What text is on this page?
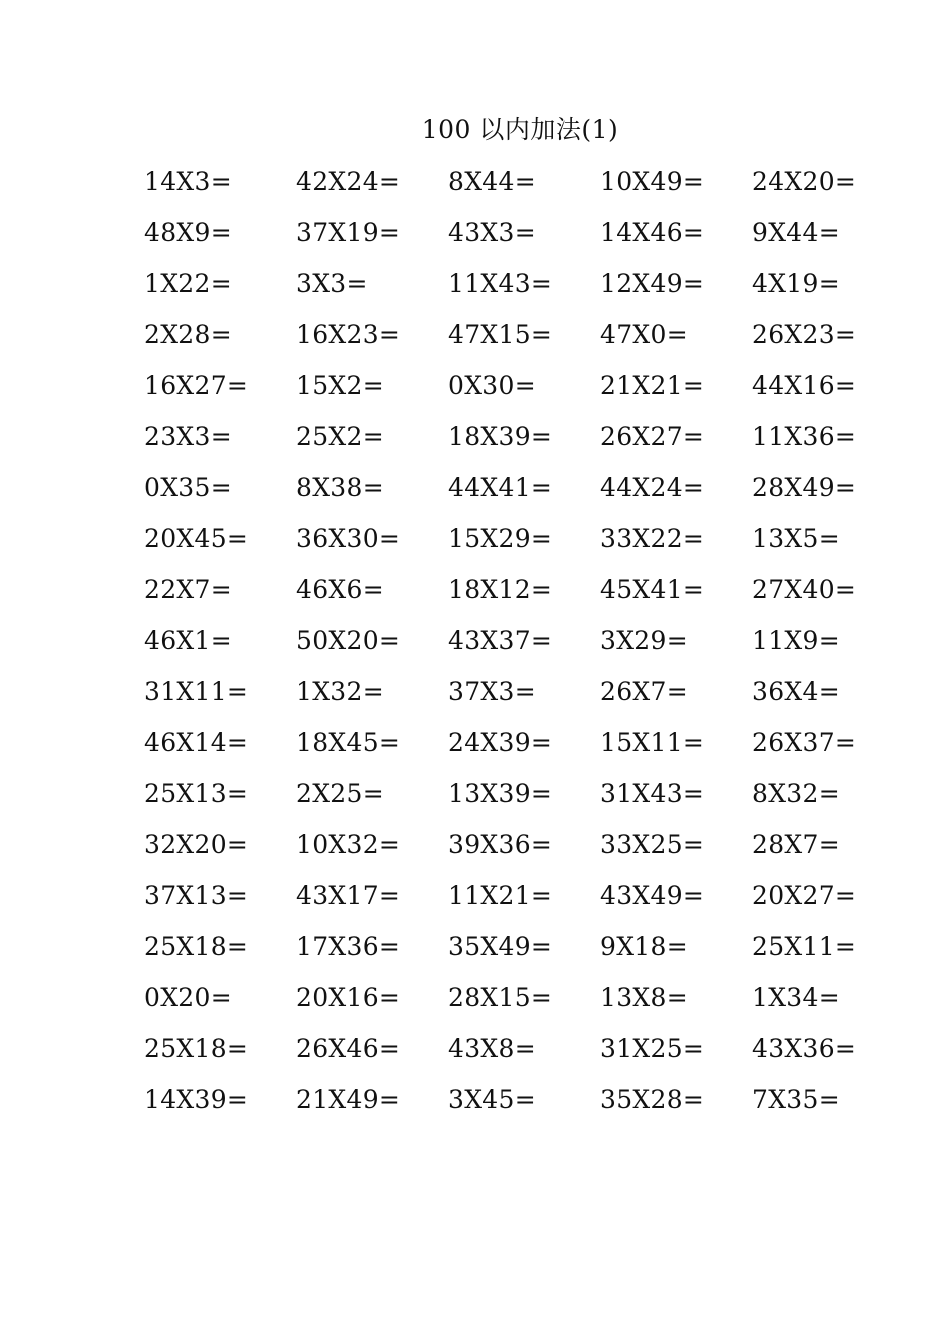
100 以内加法(1)
14X3=	42X24=	8X44=	10X49=	24X20=
48X9=	37X19=	43X3=	14X46=	9X44=
1X22=	3X3=	11X43=	12X49=	4X19=
2X28=	16X23=	47X15=	47X0=	26X23=
16X27=	15X2=	0X30=	21X21=	44X16=
23X3=	25X2=	18X39=	26X27=	11X36=
0X35=	8X38=	44X41=	44X24=	28X49=
20X45=	36X30=	15X29=	33X22=	13X5=
22X7=	46X6=	18X12=	45X41=	27X40=
46X1=	50X20=	43X37=	3X29=	11X9=
31X11=	1X32=	37X3=	26X7=	36X4=
46X14=	18X45=	24X39=	15X11=	26X37=
25X13=	2X25=	13X39=	31X43=	8X32=
32X20=	10X32=	39X36=	33X25=	28X7=
37X13=	43X17=	11X21=	43X49=	20X27=
25X18=	17X36=	35X49=	9X18=	25X11=
0X20=	20X16=	28X15=	13X8=	1X34=
25X18=	26X46=	43X8=	31X25=	43X36=
14X39=	21X49=	3X45=	35X28=	7X35=
